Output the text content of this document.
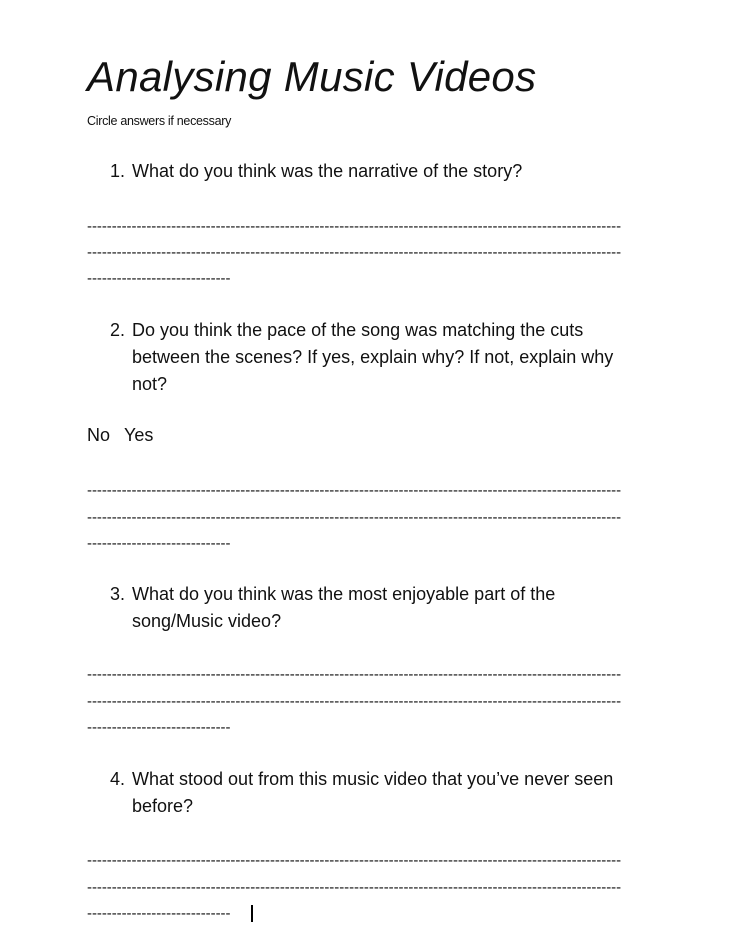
Analysing Music Videos
Circle answers if necessary
1. What do you think was the narrative of the story?
------------------------------------------------------------------------------------------------------------
------------------------------------------------------------------------------------------------------------
-----------------------------
2. Do you think the pace of the song was matching the cuts between the scenes? If yes, explain why? If not, explain why not?
No Yes
------------------------------------------------------------------------------------------------------------
------------------------------------------------------------------------------------------------------------
-----------------------------
3. What do you think was the most enjoyable part of the song/Music video?
------------------------------------------------------------------------------------------------------------
------------------------------------------------------------------------------------------------------------
-----------------------------
4. What stood out from this music video that you’ve never seen before?
------------------------------------------------------------------------------------------------------------
------------------------------------------------------------------------------------------------------------
-----------------------------
